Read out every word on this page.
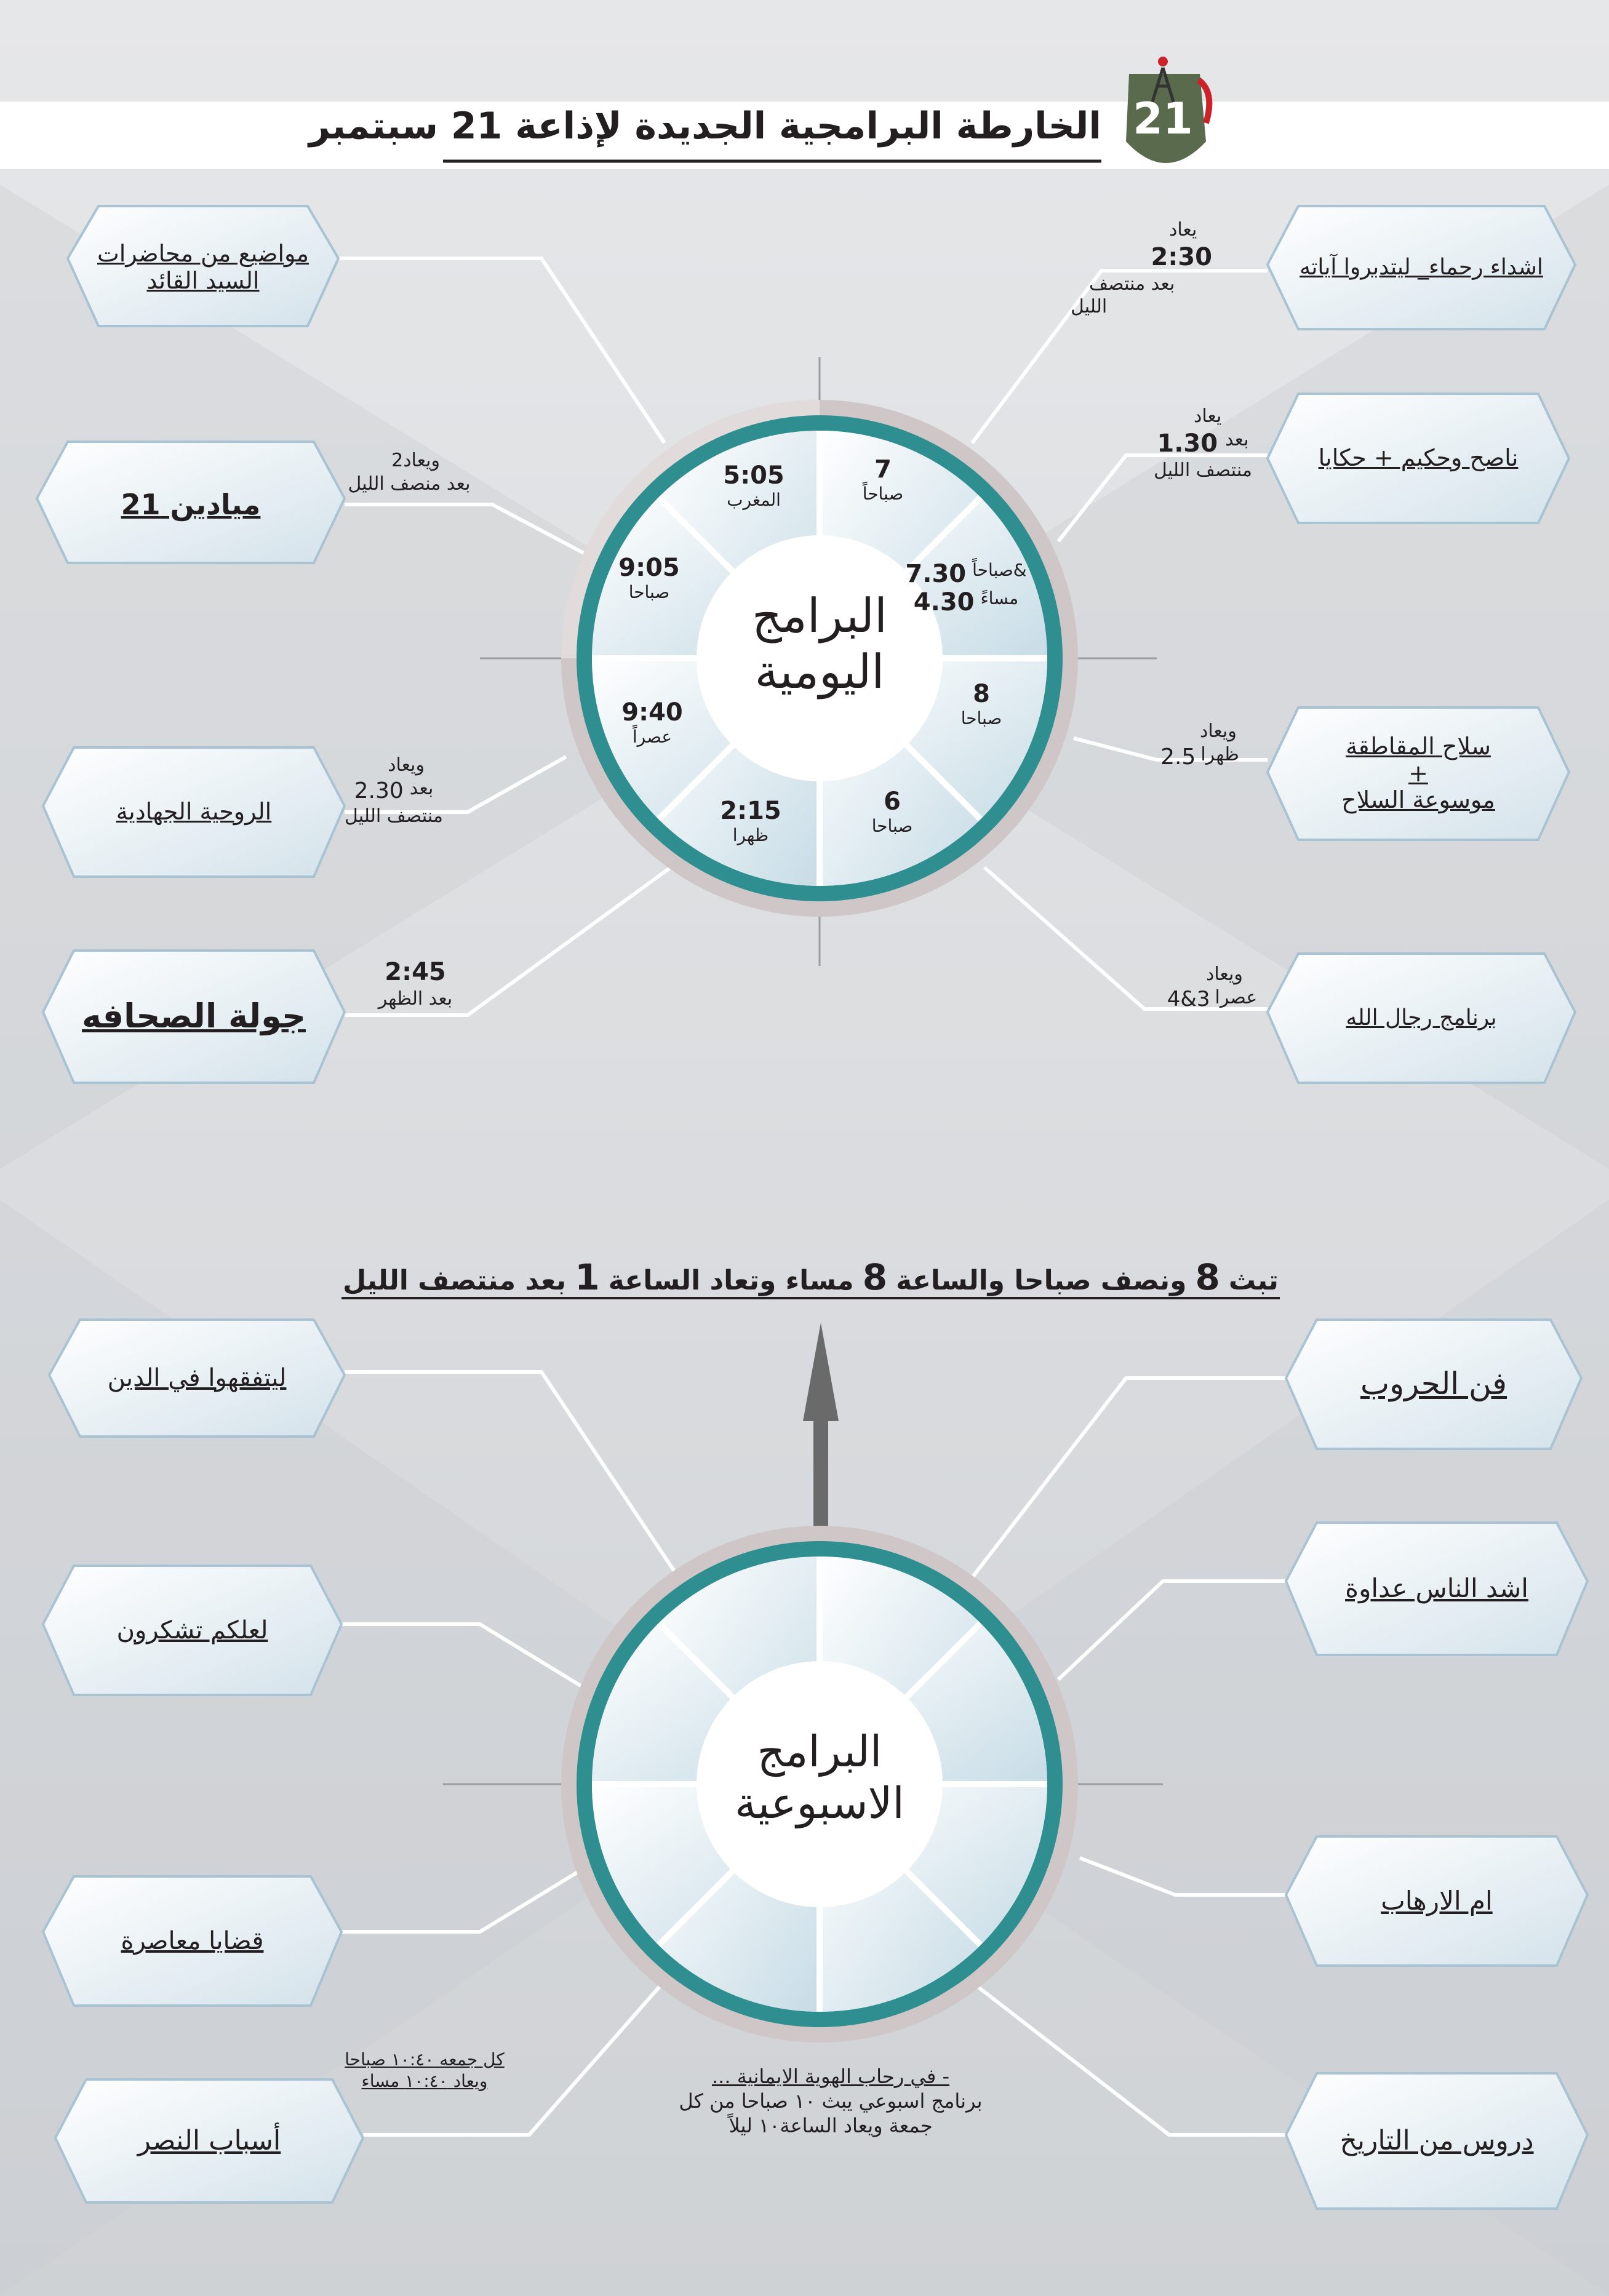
الخارطة البرامجية الجديدة لإذاعة 21 سبتمبر 21
البرامج
اليومية
7
صباحاً
7.30 صباحاً&
4.30 مساءً
8
صباحا
6
صباحا
2:15
ظهرا
9:40
عصراً
9:05
صباحا
5:05
المغرب
مواضيع من محاضرات
السيد القائد
ميادين 21
الروحية الجهادية
جولة الصحافه
اشداء رحماء_ ليتدبروا آياته
ناصح وحكيم + حكايا
سلاح المقاطقة
+
موسوعة السلاح
برنامج رجال الله
يعاد
2:30
بعد منتصف
الليل
يعاد
1.30 بعد
منتصف الليل
ويعاد
2.5 ظهرا
ويعاد
4&3 عصرا
ويعاد2
بعد منصف الليل
ويعاد
2.30 بعد
منتصف الليل
2:45
بعد الظهر
تبث
8
ونصف صباحا والساعة
8
مساء وتعاد الساعة
1
بعد منتصف الليل
البرامج
الاسبوعية
ليتفقهوا في الدين
لعلكم تشكرون
قضايا معاصرة
أسباب النصر
فن الحروب
اشد الناس عداوة
ام الارهاب
دروس من التاريخ
كل جمعه ١٠:٤٠ صباحا
ويعاد ١٠:٤٠ مساء	- في رحاب الهوية الايمانية ...
برنامج اسبوعي يبث ١٠ صباحا من كل
جمعة ويعاد الساعة١٠ ليلاً
